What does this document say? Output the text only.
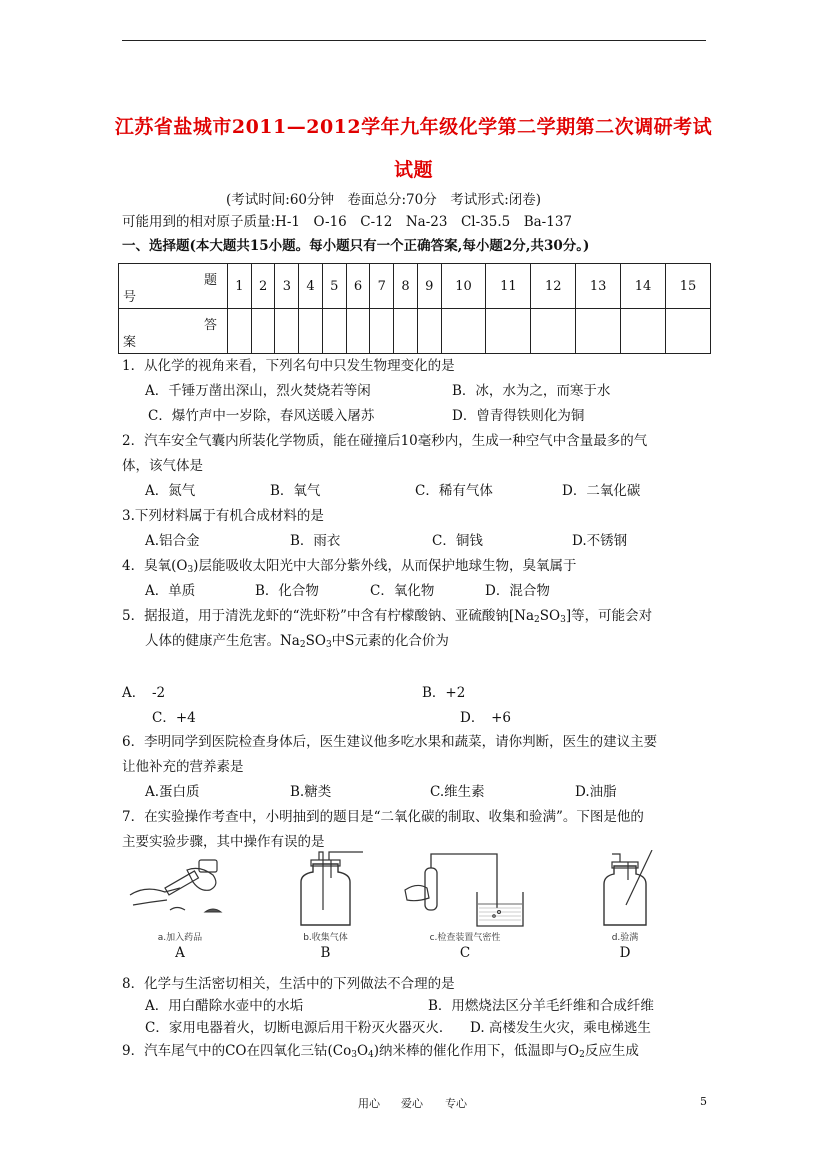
江苏省盐城市2011—2012学年九年级化学第二学期第二次调研考试
试题
(考试时间:60分钟　卷面总分:70分　考试形式:闭卷)
可能用到的相对原子质量:H-1　O-16　C-12　Na-23　Cl-35.5　Ba-137
一、选择题(本大题共15小题。每小题只有一个正确答案,每小题2分,共30分。)
题
号	1	2	3	4	5	6	7	8	9	10	11	12	13	14	15

答
案															

1．从化学的视角来看，下列名句中只发生物理变化的是
A．千锤万凿出深山，烈火焚烧若等闲	B．冰，水为之，而寒于水
C．爆竹声中一岁除，春风送暖入屠苏	D．曾青得铁则化为铜
2．汽车安全气囊内所装化学物质，能在碰撞后10毫秒内，生成一种空气中含量最多的气
体，该气体是
A．氮气	B．氧气	C．稀有气体	D．二氧化碳
3.下列材料属于有机合成材料的是
A.铝合金	B．雨衣	C．铜钱	D.不锈钢
4．臭氧$(O_3)$层能吸收太阳光中大部分紫外线，从而保护地球生物，臭氧属于
A．单质	B．化合物	C．氧化物	D．混合物
5．据报道，用于清洗龙虾的“洗虾粉”中含有柠檬酸钠、亚硫酸钠$[Na_2SO_3]$等，可能会对
人体的健康产生危害。$Na_2SO_3$中S元素的化合价为
A．　-2	B．+2
C．+4	D．　+6
6．李明同学到医院检查身体后，医生建议他多吃水果和蔬菜，请你判断，医生的建议主要
让他补充的营养素是
A.蛋白质	B.糖类	C.维生素	D.油脂
7．在实验操作考查中，小明抽到的题目是“二氧化碳的制取、收集和验满”。下图是他的
主要实验步骤，其中操作有误的是
a.加入药品
A
b.收集气体
B
c.检查装置气密性
C
d.验满
D
8．化学与生活密切相关，生活中的下列做法不合理的是
A．用白醋除水壶中的水垢	B．用燃烧法区分羊毛纤维和合成纤维
C．家用电器着火，切断电源后用干粉灭火器灭火． D. 高楼发生火灾，乘电梯逃生
9．汽车尾气中的CO在四氧化三钴$(Co_3O_4)$纳米棒的催化作用下，低温即与$O_2$反应生成
用心 爱心 专心	5
